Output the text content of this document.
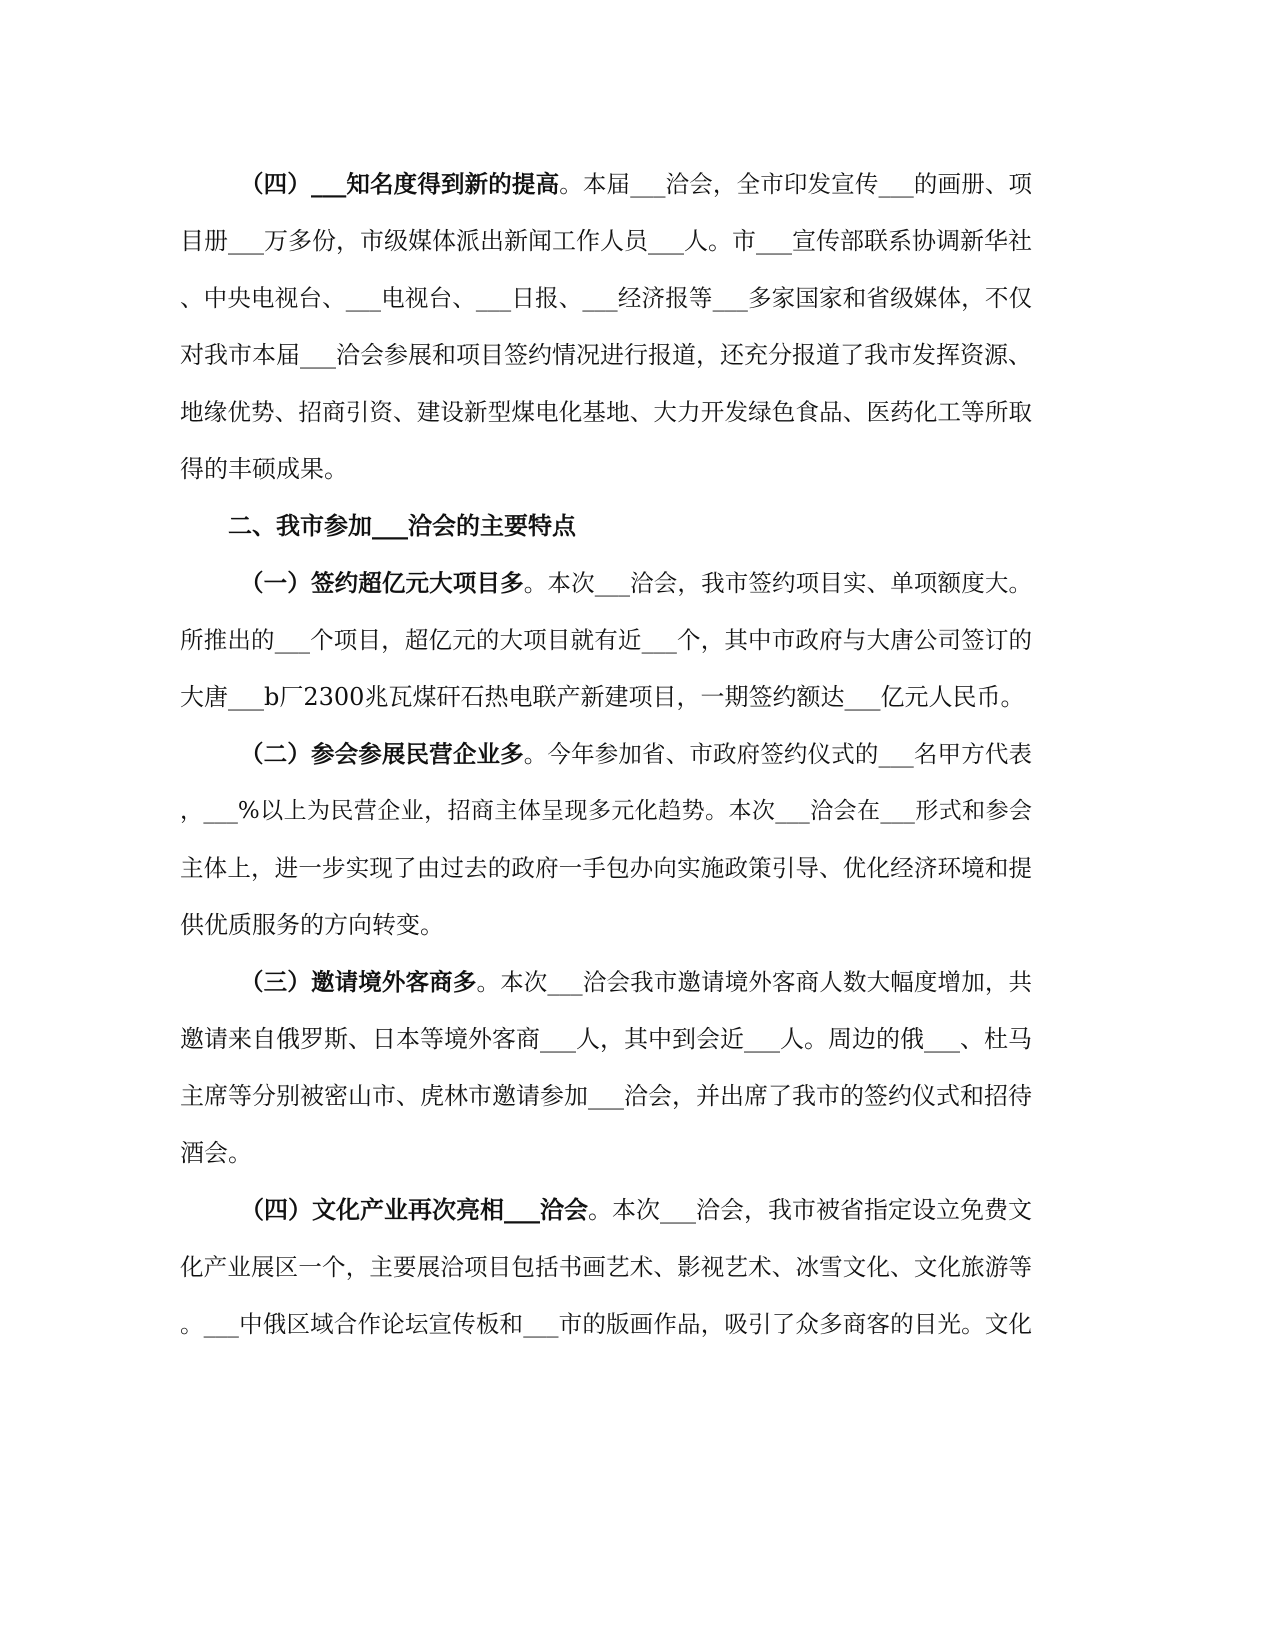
（四）___知名度得到新的提高。本届___洽会，全市印发宣传___的画册、项

目册___万多份，市级媒体派出新闻工作人员___人。市___宣传部联系协调新华社

、中央电视台、___电视台、___日报、___经济报等___多家国家和省级媒体，不仅

对我市本届___洽会参展和项目签约情况进行报道，还充分报道了我市发挥资源、

地缘优势、招商引资、建设新型煤电化基地、大力开发绿色食品、医药化工等所取

得的丰硕成果。

二、我市参加___洽会的主要特点

（一）签约超亿元大项目多。本次___洽会，我市签约项目实、单项额度大。

所推出的___个项目，超亿元的大项目就有近___个，其中市政府与大唐公司签订的

大唐___b厂2300兆瓦煤矸石热电联产新建项目，一期签约额达___亿元人民币。

（二）参会参展民营企业多。今年参加省、市政府签约仪式的___名甲方代表

，___%以上为民营企业，招商主体呈现多元化趋势。本次___洽会在___形式和参会

主体上，进一步实现了由过去的政府一手包办向实施政策引导、优化经济环境和提

供优质服务的方向转变。

（三）邀请境外客商多。本次___洽会我市邀请境外客商人数大幅度增加，共

邀请来自俄罗斯、日本等境外客商___人，其中到会近___人。周边的俄___、杜马

主席等分别被密山市、虎林市邀请参加___洽会，并出席了我市的签约仪式和招待

酒会。

（四）文化产业再次亮相___洽会。本次___洽会，我市被省指定设立免费文

化产业展区一个，主要展洽项目包括书画艺术、影视艺术、冰雪文化、文化旅游等

。___中俄区域合作论坛宣传板和___市的版画作品，吸引了众多商客的目光。文化
